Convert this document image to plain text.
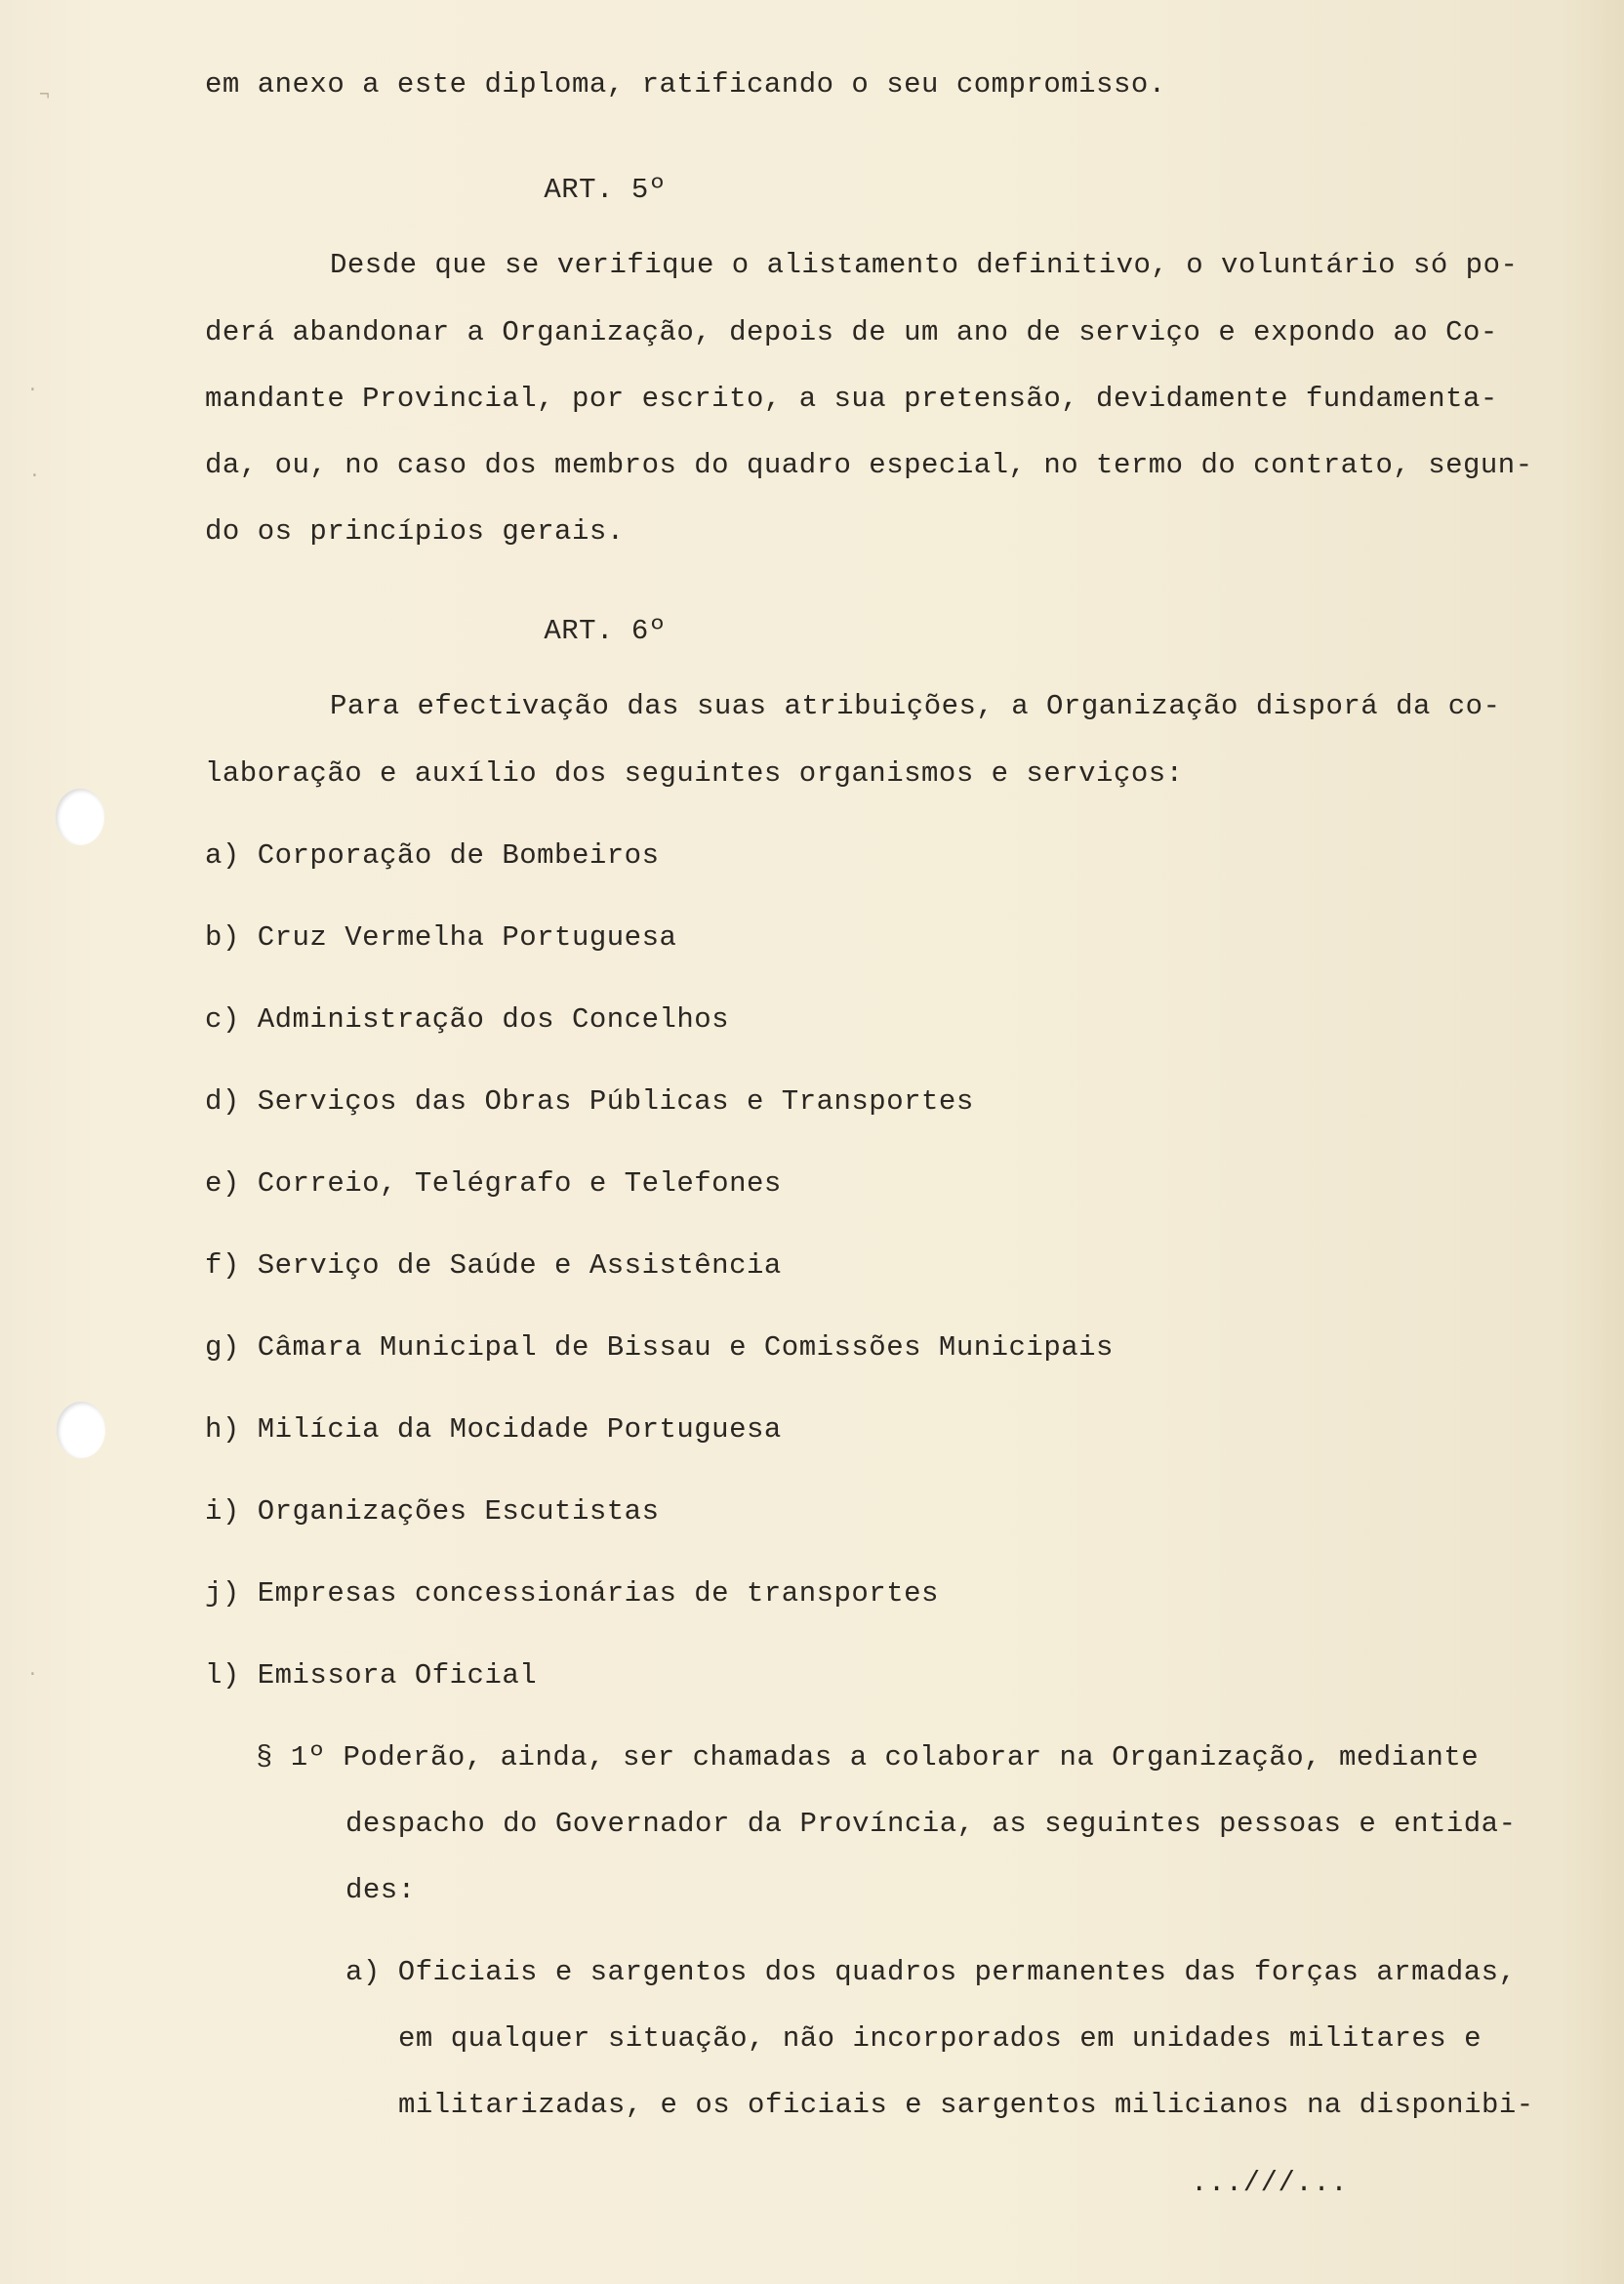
¬
·
·
·
em anexo a este diploma, ratificando o seu compromisso.
ART. 5º
Desde que se verifique o alistamento definitivo, o voluntário só po-
derá abandonar a Organização, depois de um ano de serviço e expondo ao Co-
mandante Provincial, por escrito, a sua pretensão, devidamente fundamenta-
da, ou, no caso dos membros do quadro especial, no termo do contrato, segun-
do os princípios gerais.
ART. 6º
Para efectivação das suas atribuições, a Organização disporá da co-
laboração e auxílio dos seguintes organismos e serviços:
a) Corporação de Bombeiros
b) Cruz Vermelha Portuguesa
c) Administração dos Concelhos
d) Serviços das Obras Públicas e Transportes
e) Correio, Telégrafo e Telefones
f) Serviço de Saúde e Assistência
g) Câmara Municipal de Bissau e Comissões Municipais
h) Milícia da Mocidade Portuguesa
i) Organizações Escutistas
j) Empresas concessionárias de transportes
l) Emissora Oficial
§ 1º Poderão, ainda, ser chamadas a colaborar na Organização, mediante
despacho do Governador da Província, as seguintes pessoas e entida-
des:
a) Oficiais e sargentos dos quadros permanentes das forças armadas,
em qualquer situação, não incorporados em unidades militares e
militarizadas, e os oficiais e sargentos milicianos na disponibi-
...///...
